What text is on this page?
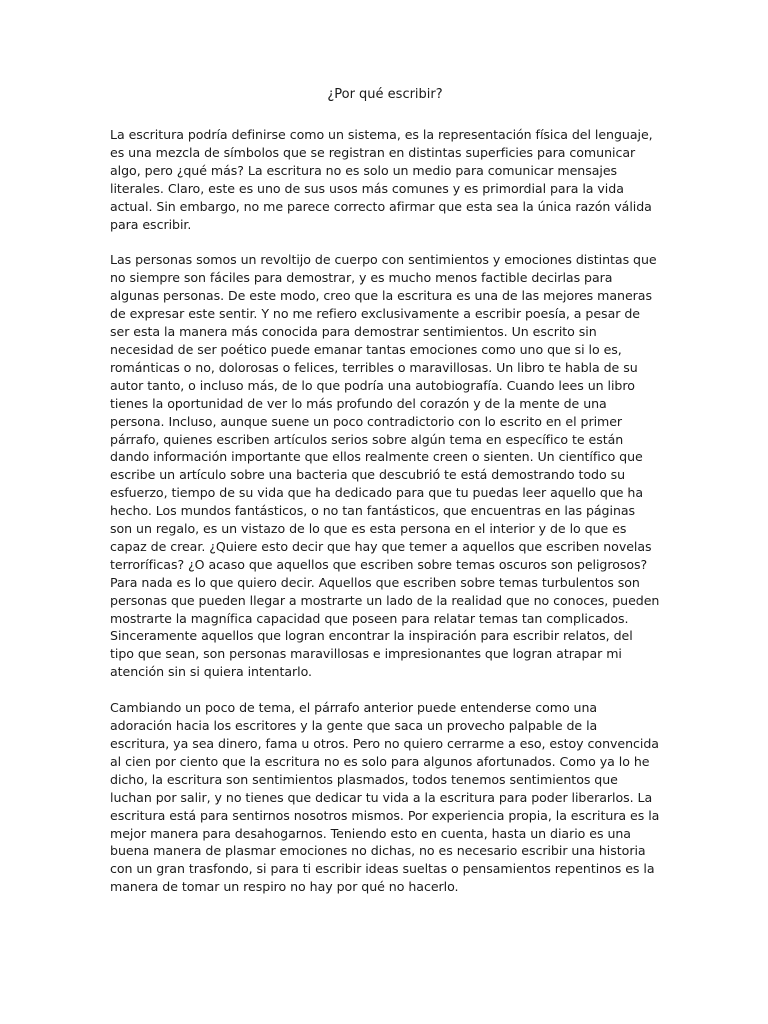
¿Por qué escribir?

La escritura podría definirse como un sistema, es la representación física del lenguaje, es una mezcla de símbolos que se registran en distintas superficies para comunicar algo, pero ¿qué más? La escritura no es solo un medio para comunicar mensajes literales. Claro, este es uno de sus usos más comunes y es primordial para la vida actual. Sin embargo, no me parece correcto afirmar que esta sea la única razón válida para escribir.

Las personas somos un revoltijo de cuerpo con sentimientos y emociones distintas que no siempre son fáciles para demostrar, y es mucho menos factible decirlas para algunas personas. De este modo, creo que la escritura es una de las mejores maneras de expresar este sentir. Y no me refiero exclusivamente a escribir poesía, a pesar de ser esta la manera más conocida para demostrar sentimientos. Un escrito sin necesidad de ser poético puede emanar tantas emociones como uno que si lo es, románticas o no, dolorosas o felices, terribles o maravillosas. Un libro te habla de su autor tanto, o incluso más, de lo que podría una autobiografía. Cuando lees un libro tienes la oportunidad de ver lo más profundo del corazón y de la mente de una persona. Incluso, aunque suene un poco contradictorio con lo escrito en el primer párrafo, quienes escriben artículos serios sobre algún tema en específico te están dando información importante que ellos realmente creen o sienten. Un científico que escribe un artículo sobre una bacteria que descubrió te está demostrando todo su esfuerzo, tiempo de su vida que ha dedicado para que tu puedas leer aquello que ha hecho. Los mundos fantásticos, o no tan fantásticos, que encuentras en las páginas son un regalo, es un vistazo de lo que es esta persona en el interior y de lo que es capaz de crear. ¿Quiere esto decir que hay que temer a aquellos que escriben novelas terroríficas? ¿O acaso que aquellos que escriben sobre temas oscuros son peligrosos? Para nada es lo que quiero decir. Aquellos que escriben sobre temas turbulentos son personas que pueden llegar a mostrarte un lado de la realidad que no conoces, pueden mostrarte la magnífica capacidad que poseen para relatar temas tan complicados. Sinceramente aquellos que logran encontrar la inspiración para escribir relatos, del tipo que sean, son personas maravillosas e impresionantes que logran atrapar mi atención sin si quiera intentarlo.

Cambiando un poco de tema, el párrafo anterior puede entenderse como una adoración hacia los escritores y la gente que saca un provecho palpable de la escritura, ya sea dinero, fama u otros. Pero no quiero cerrarme a eso, estoy convencida al cien por ciento que la escritura no es solo para algunos afortunados. Como ya lo he dicho, la escritura son sentimientos plasmados, todos tenemos sentimientos que luchan por salir, y no tienes que dedicar tu vida a la escritura para poder liberarlos. La escritura está para sentirnos nosotros mismos. Por experiencia propia, la escritura es la mejor manera para desahogarnos. Teniendo esto en cuenta, hasta un diario es una buena manera de plasmar emociones no dichas, no es necesario escribir una historia con un gran trasfondo, si para ti escribir ideas sueltas o pensamientos repentinos es la manera de tomar un respiro no hay por qué no hacerlo.
